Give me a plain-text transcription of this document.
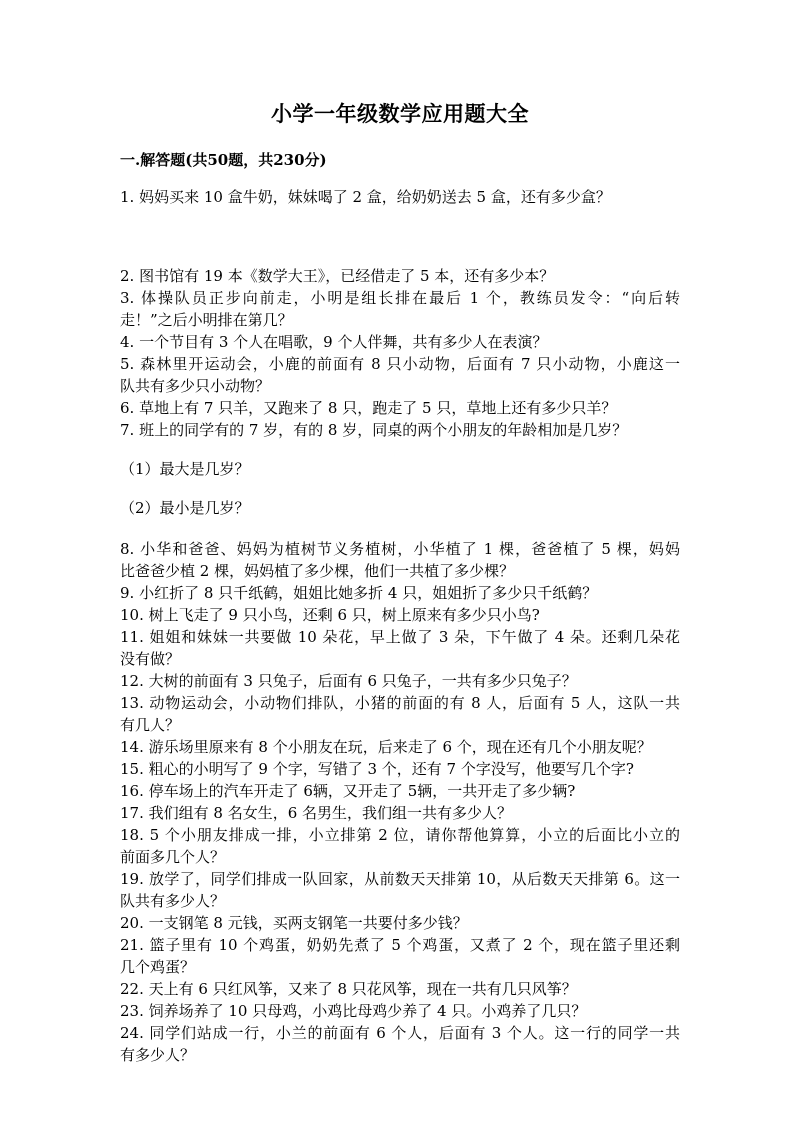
小学一年级数学应用题大全
一.解答题(共50题，共230分)
1. 妈妈买来 10 盒牛奶，妹妹喝了 2 盒，给奶奶送去 5 盒，还有多少盒？
2. 图书馆有 19 本《数学大王》，已经借走了 5 本，还有多少本？
3. 体操队员正步向前走，小明是组长排在最后 1 个，教练员发令：“向后转
走！”之后小明排在第几？
4. 一个节目有 3 个人在唱歌，9 个人伴舞，共有多少人在表演？
5. 森林里开运动会，小鹿的前面有 8 只小动物，后面有 7 只小动物，小鹿这一
队共有多少只小动物？
6. 草地上有 7 只羊，又跑来了 8 只，跑走了 5 只，草地上还有多少只羊？
7. 班上的同学有的 7 岁，有的 8 岁，同桌的两个小朋友的年龄相加是几岁？
（1）最大是几岁？
（2）最小是几岁？
8. 小华和爸爸、妈妈为植树节义务植树，小华植了 1 棵，爸爸植了 5 棵，妈妈
比爸爸少植 2 棵，妈妈植了多少棵，他们一共植了多少棵？
9. 小红折了 8 只千纸鹤，姐姐比她多折 4 只，姐姐折了多少只千纸鹤？
10. 树上飞走了 9 只小鸟，还剩 6 只，树上原来有多少只小鸟?
11. 姐姐和妹妹一共要做 10 朵花，早上做了 3 朵，下午做了 4 朵。还剩几朵花
没有做？
12. 大树的前面有 3 只兔子，后面有 6 只兔子，一共有多少只兔子？
13. 动物运动会，小动物们排队，小猪的前面的有 8 人，后面有 5 人，这队一共
有几人？
14. 游乐场里原来有 8 个小朋友在玩，后来走了 6 个，现在还有几个小朋友呢？
15. 粗心的小明写了 9 个字，写错了 3 个，还有 7 个字没写，他要写几个字?
16. 停车场上的汽车开走了 6辆，又开走了 5辆，一共开走了多少辆?
17. 我们组有 8 名女生，6 名男生，我们组一共有多少人？
18. 5 个小朋友排成一排，小立排第 2 位，请你帮他算算，小立的后面比小立的
前面多几个人？
19. 放学了，同学们排成一队回家，从前数天天排第 10，从后数天天排第 6。这一
队共有多少人？
20. 一支钢笔 8 元钱，买两支钢笔一共要付多少钱？
21. 篮子里有 10 个鸡蛋，奶奶先煮了 5 个鸡蛋，又煮了 2 个，现在篮子里还剩
几个鸡蛋？
22. 天上有 6 只红风筝，又来了 8 只花风筝，现在一共有几只风筝？
23. 饲养场养了 10 只母鸡，小鸡比母鸡少养了 4 只。小鸡养了几只？
24. 同学们站成一行，小兰的前面有 6 个人，后面有 3 个人。这一行的同学一共
有多少人？
